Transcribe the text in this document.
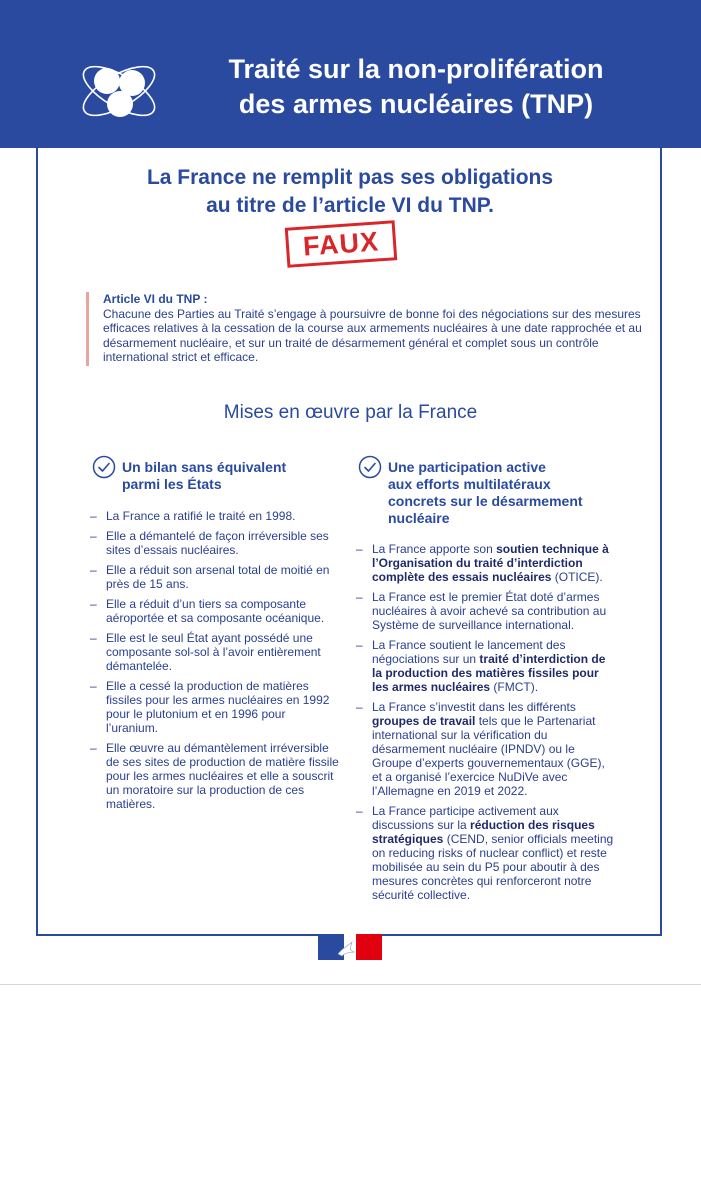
Traité sur la non-prolifération
des armes nucléaires (TNP)
La France ne remplit pas ses obligations
au titre de l’article VI du TNP.
FAUX
Article VI du TNP :
Chacune des Parties au Traité s’engage à poursuivre de bonne foi des négociations sur des mesures efficaces relatives à la cessation de la course aux armements nucléaires à une date rapprochée et au désarmement nucléaire, et sur un traité de désarmement général et complet sous un contrôle international strict et efficace.
Mises en œuvre par la France
Un bilan sans équivalent
parmi les États
– La France a ratifié le traité en 1998.
– Elle a démantelé de façon irréversible ses sites d’essais nucléaires.
– Elle a réduit son arsenal total de moitié en près de 15 ans.
– Elle a réduit d’un tiers sa composante aéroportée et sa composante océanique.
– Elle est le seul État ayant possédé une composante sol-sol à l’avoir entièrement démantelée.
– Elle a cessé la production de matières fissiles pour les armes nucléaires en 1992 pour le plutonium et en 1996 pour l’uranium.
– Elle œuvre au démantèlement irréversible de ses sites de production de matière fissile pour les armes nucléaires et elle a souscrit un moratoire sur la production de ces matières.
Une participation active
aux efforts multilatéraux
concrets sur le désarmement
nucléaire
– La France apporte son soutien technique à l’Organisation du traité d’interdiction complète des essais nucléaires (OTICE).
– La France est le premier État doté d’armes nucléaires à avoir achevé sa contribution au Système de surveillance international.
– La France soutient le lancement des négociations sur un traité d’interdiction de la production des matières fissiles pour les armes nucléaires (FMCT).
– La France s’investit dans les différents groupes de travail tels que le Partenariat international sur la vérification du désarmement nucléaire (IPNDV) ou le Groupe d’experts gouvernementaux (GGE), et a organisé l’exercice NuDiVe avec l’Allemagne en 2019 et 2022.
– La France participe activement aux discussions sur la réduction des risques stratégiques (CEND, senior officials meeting on reducing risks of nuclear conflict) et reste mobilisée au sein du P5 pour aboutir à des mesures concrètes qui renforceront notre sécurité collective.
